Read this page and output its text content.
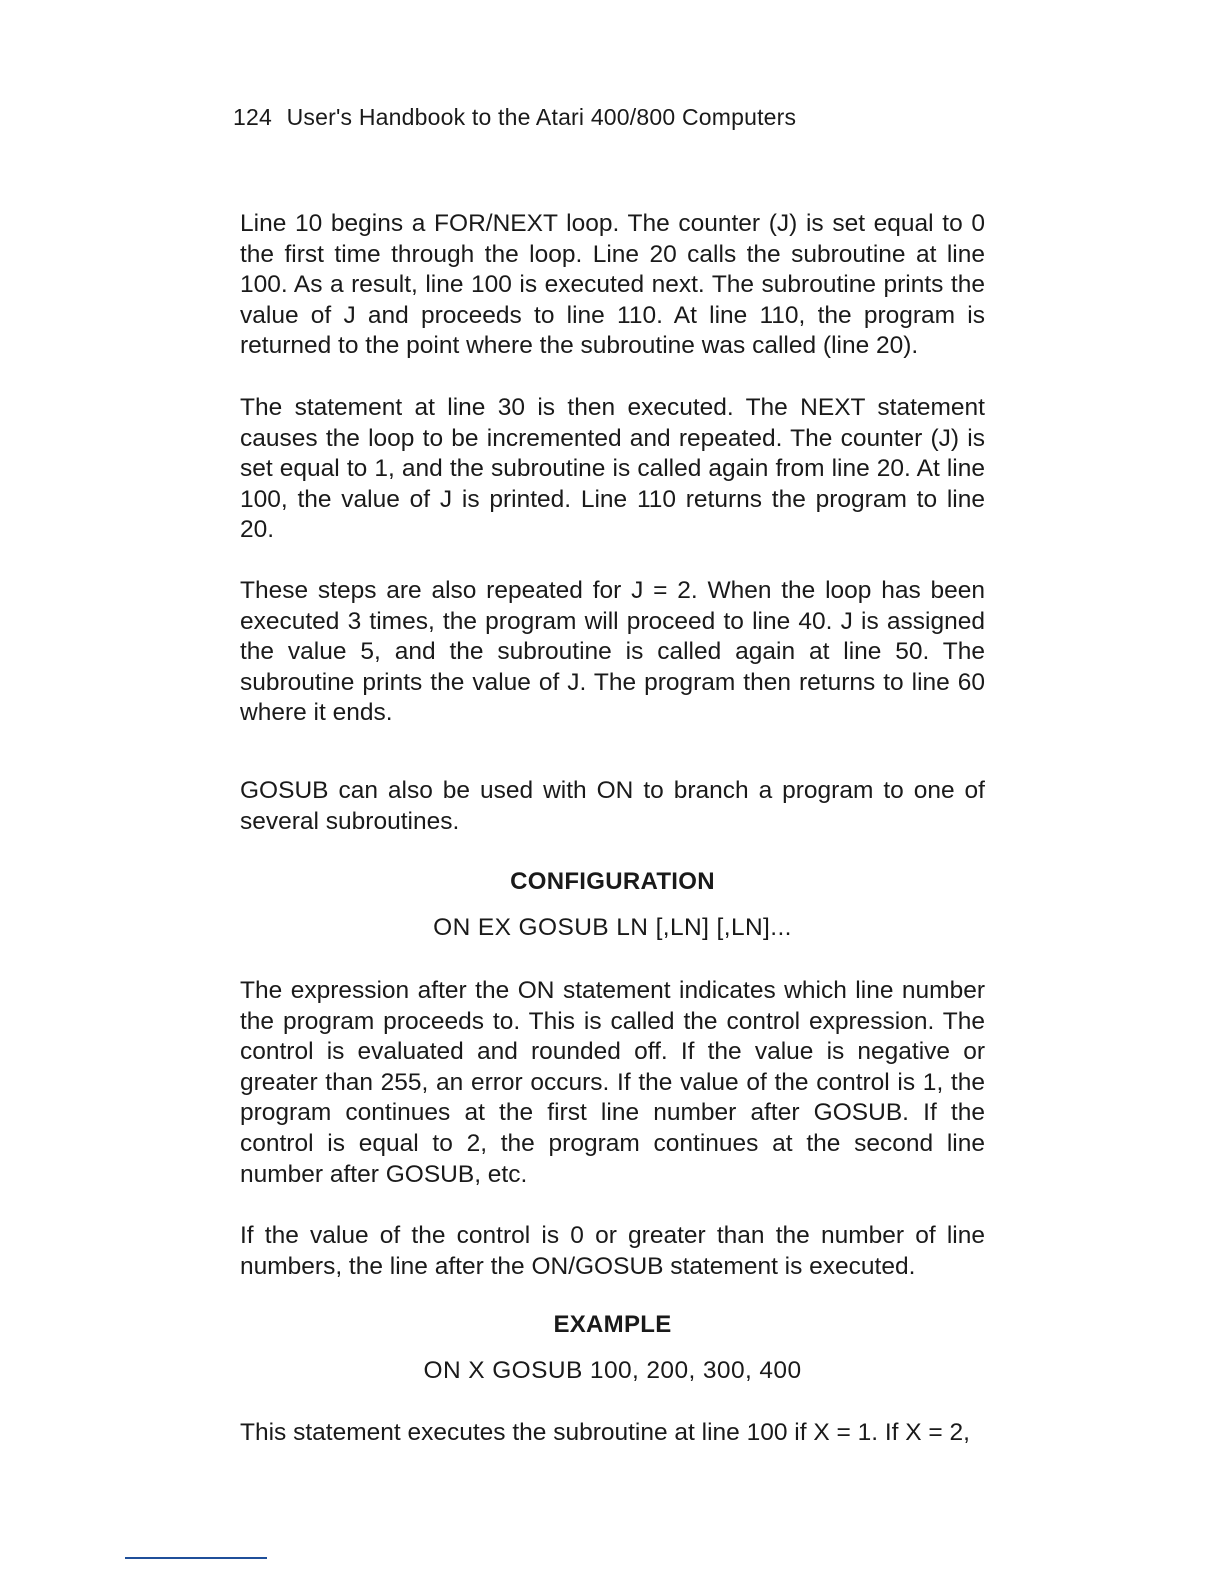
124 User's Handbook to the Atari 400/800 Computers

Line 10 begins a FOR/NEXT loop. The counter (J) is set equal to 0 the first time through the loop. Line 20 calls the subroutine at line 100. As a result, line 100 is executed next. The subroutine prints the value of J and proceeds to line 110. At line 110, the program is returned to the point where the subroutine was called (line 20).

The statement at line 30 is then executed. The NEXT statement causes the loop to be incremented and repeated. The counter (J) is set equal to 1, and the subroutine is called again from line 20. At line 100, the value of J is printed. Line 110 returns the program to line 20.

These steps are also repeated for J = 2. When the loop has been executed 3 times, the program will proceed to line 40. J is assigned the value 5, and the subroutine is called again at line 50. The subroutine prints the value of J. The program then returns to line 60 where it ends.

GOSUB can also be used with ON to branch a program to one of several subroutines.

CONFIGURATION
ON EX GOSUB LN [,LN] [,LN]...

The expression after the ON statement indicates which line number the program proceeds to. This is called the control expression. The control is evaluated and rounded off. If the value is negative or greater than 255, an error occurs. If the value of the control is 1, the program continues at the first line number after GOSUB. If the control is equal to 2, the program continues at the second line number after GOSUB, etc.

If the value of the control is 0 or greater than the number of line numbers, the line after the ON/GOSUB statement is executed.

EXAMPLE
ON X GOSUB 100, 200, 300, 400

This statement executes the subroutine at line 100 if X = 1. If X = 2,
